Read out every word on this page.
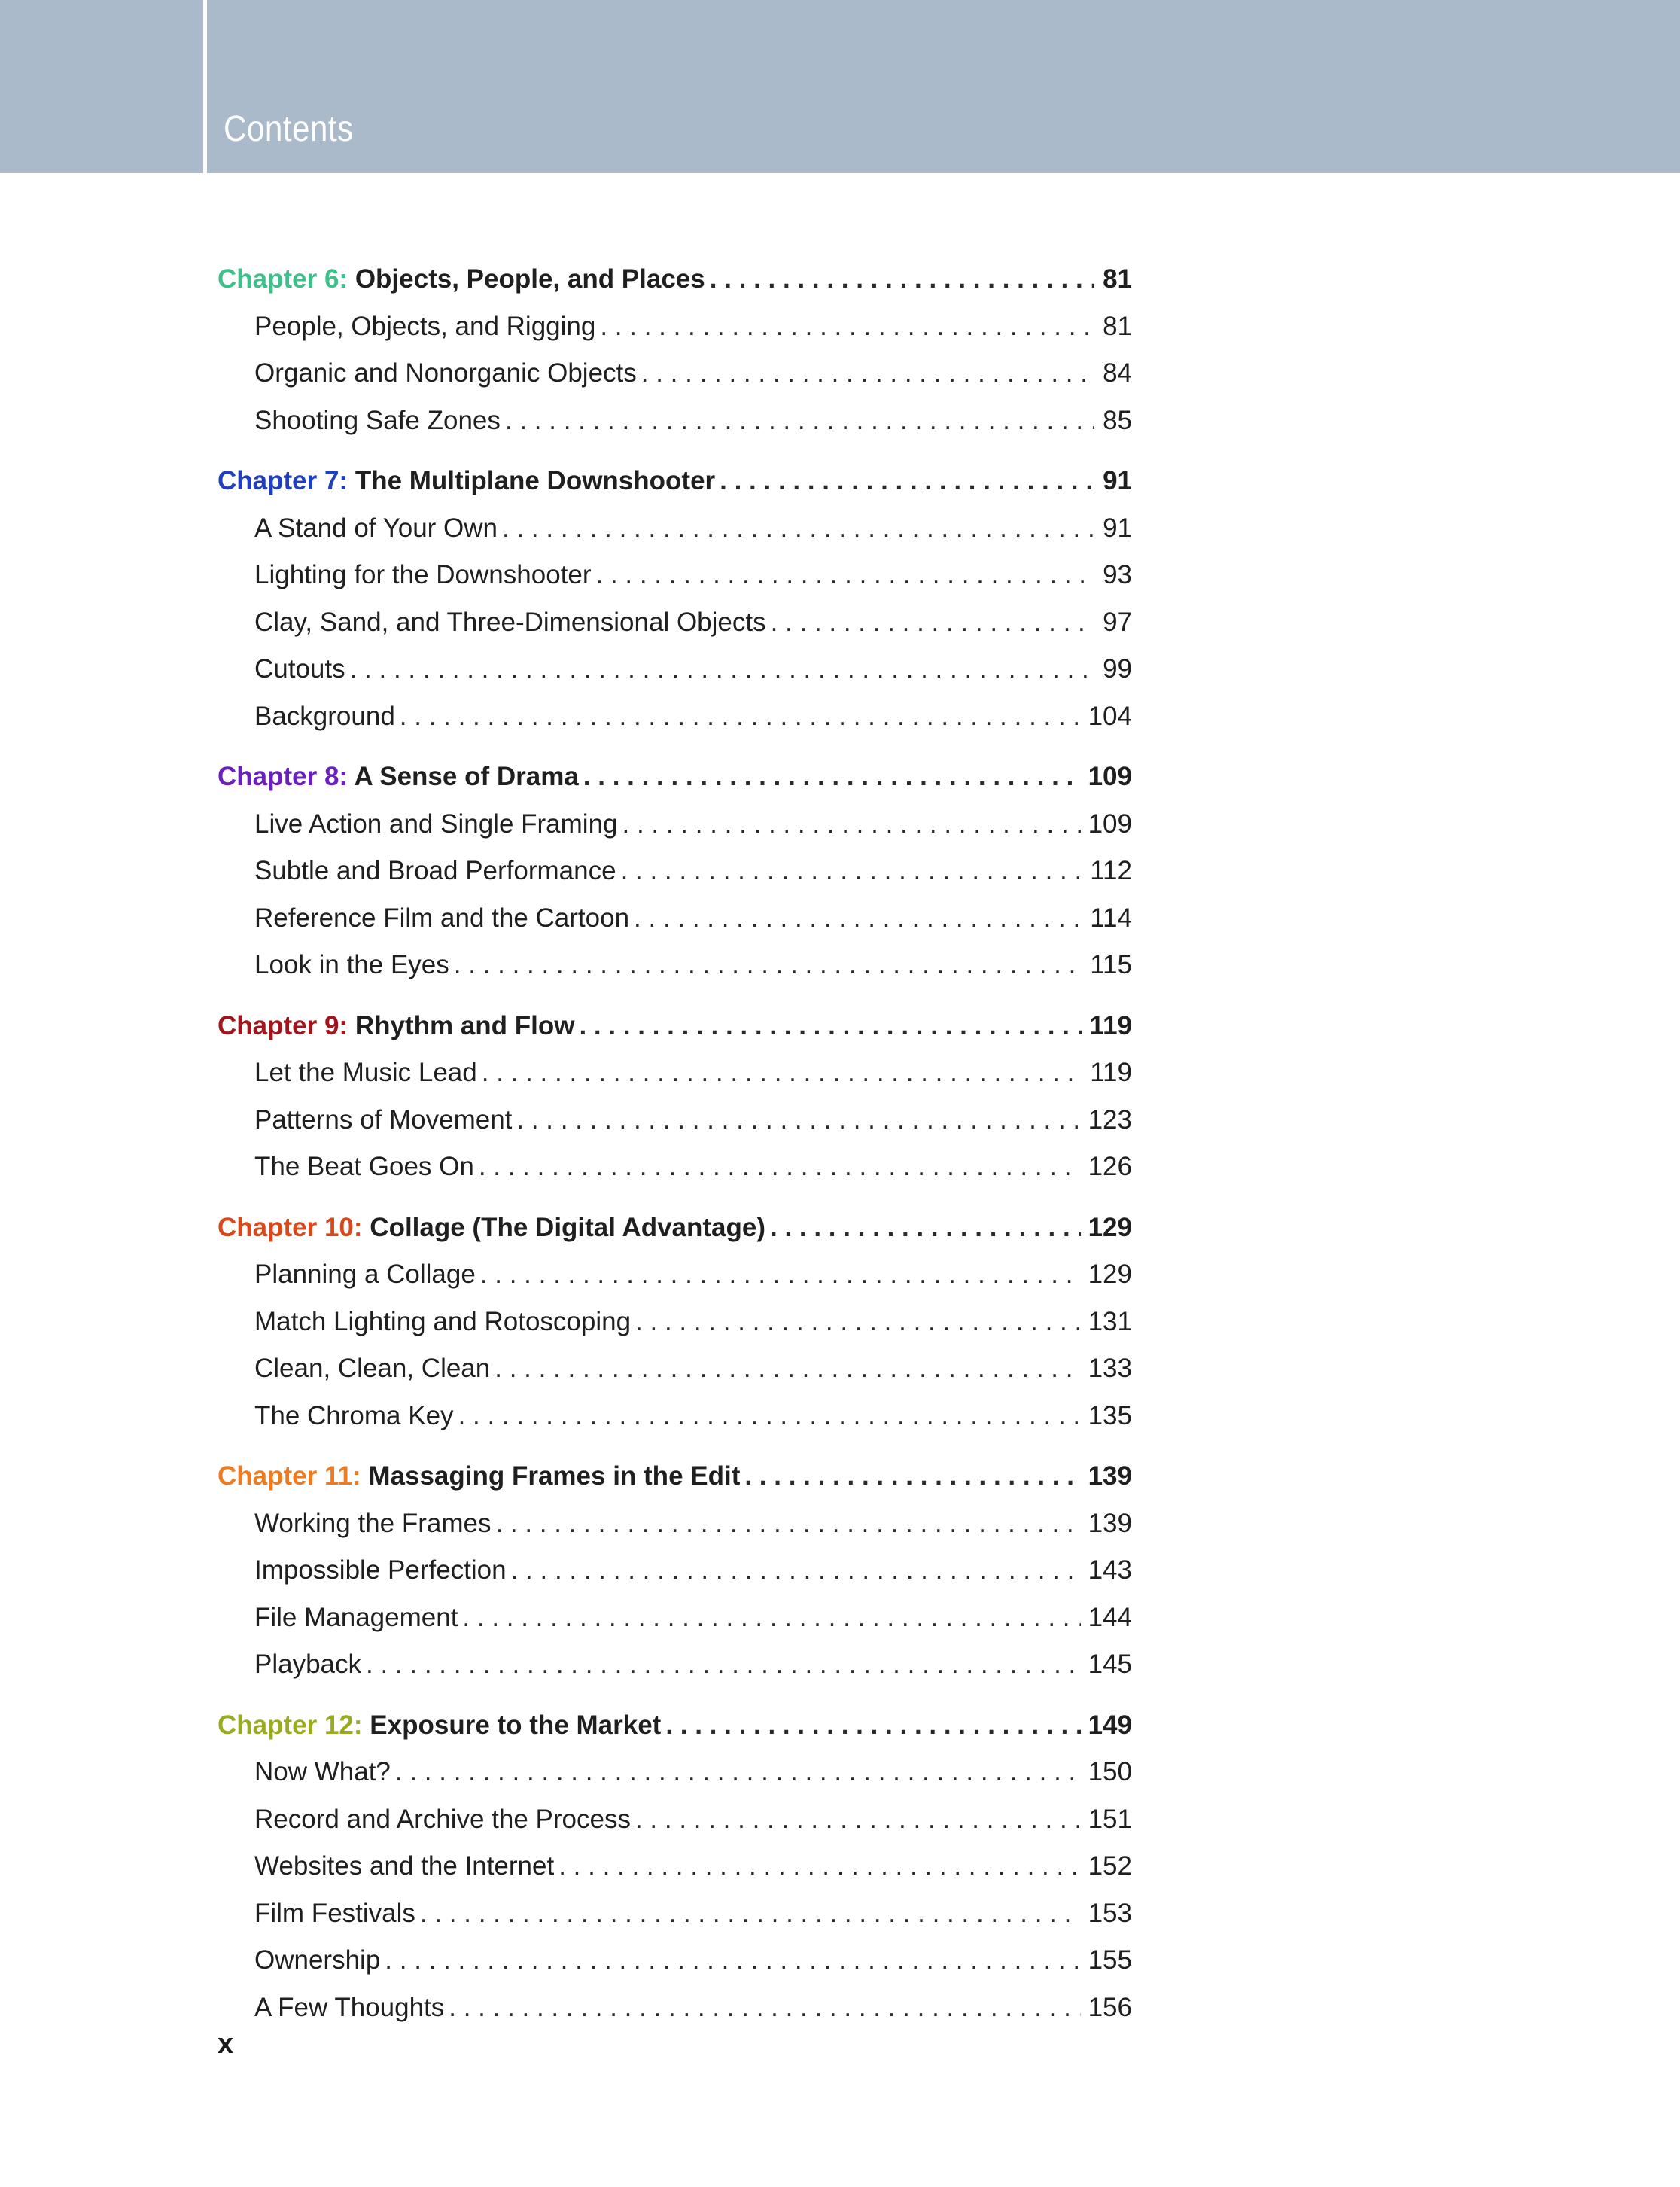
Contents
Chapter 6: Objects, People, and Places . . .	81
People, Objects, and Rigging . . .	81
Organic and Nonorganic Objects . . .	84
Shooting Safe Zones . . .	85
Chapter 7: The Multiplane Downshooter . . .	91
A Stand of Your Own . . .	91
Lighting for the Downshooter . . .	93
Clay, Sand, and Three-Dimensional Objects . . .	97
Cutouts . . .	99
Background . . .	104
Chapter 8: A Sense of Drama . . .	109
Live Action and Single Framing . . .	109
Subtle and Broad Performance . . .	112
Reference Film and the Cartoon . . .	114
Look in the Eyes . . .	115
Chapter 9: Rhythm and Flow . . .	119
Let the Music Lead . . .	119
Patterns of Movement . . .	123
The Beat Goes On . . .	126
Chapter 10: Collage (The Digital Advantage) . . .	129
Planning a Collage . . .	129
Match Lighting and Rotoscoping . . .	131
Clean, Clean, Clean . . .	133
The Chroma Key . . .	135
Chapter 11: Massaging Frames in the Edit . . .	139
Working the Frames . . .	139
Impossible Perfection . . .	143
File Management . . .	144
Playback . . .	145
Chapter 12: Exposure to the Market . . .	149
Now What? . . .	150
Record and Archive the Process . . .	151
Websites and the Internet . . .	152
Film Festivals . . .	153
Ownership . . .	155
A Few Thoughts . . .	156
x
